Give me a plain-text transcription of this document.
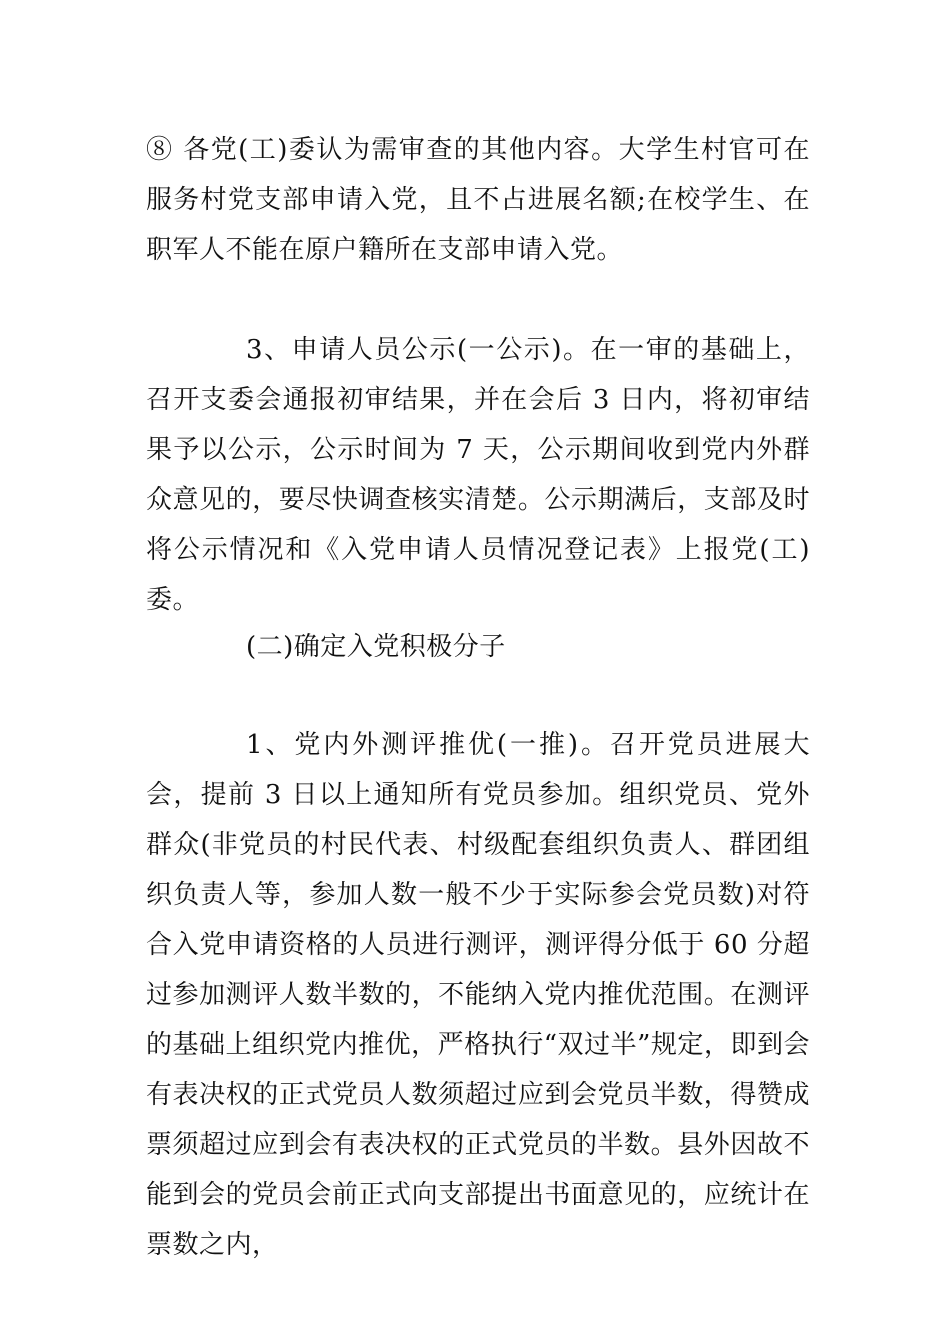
⑧ 各党(工)委认为需审查的其他内容。大学生村官可在服务村党支部申请入党，且不占进展名额;在校学生、在职军人不能在原户籍所在支部申请入党。

3、申请人员公示(一公示)。在一审的基础上，召开支委会通报初审结果，并在会后 3 日内，将初审结果予以公示，公示时间为 7 天，公示期间收到党内外群众意见的，要尽快调查核实清楚。公示期满后，支部及时将公示情况和《入党申请人员情况登记表》上报党(工)委。

(二)确定入党积极分子

1、党内外测评推优(一推)。召开党员进展大会，提前 3 日以上通知所有党员参加。组织党员、党外群众(非党员的村民代表、村级配套组织负责人、群团组织负责人等，参加人数一般不少于实际参会党员数)对符合入党申请资格的人员进行测评，测评得分低于 60 分超过参加测评人数半数的，不能纳入党内推优范围。在测评的基础上组织党内推优，严格执行“双过半”规定，即到会有表决权的正式党员人数须超过应到会党员半数，得赞成票须超过应到会有表决权的正式党员的半数。县外因故不能到会的党员会前正式向支部提出书面意见的，应统计在票数之内，
